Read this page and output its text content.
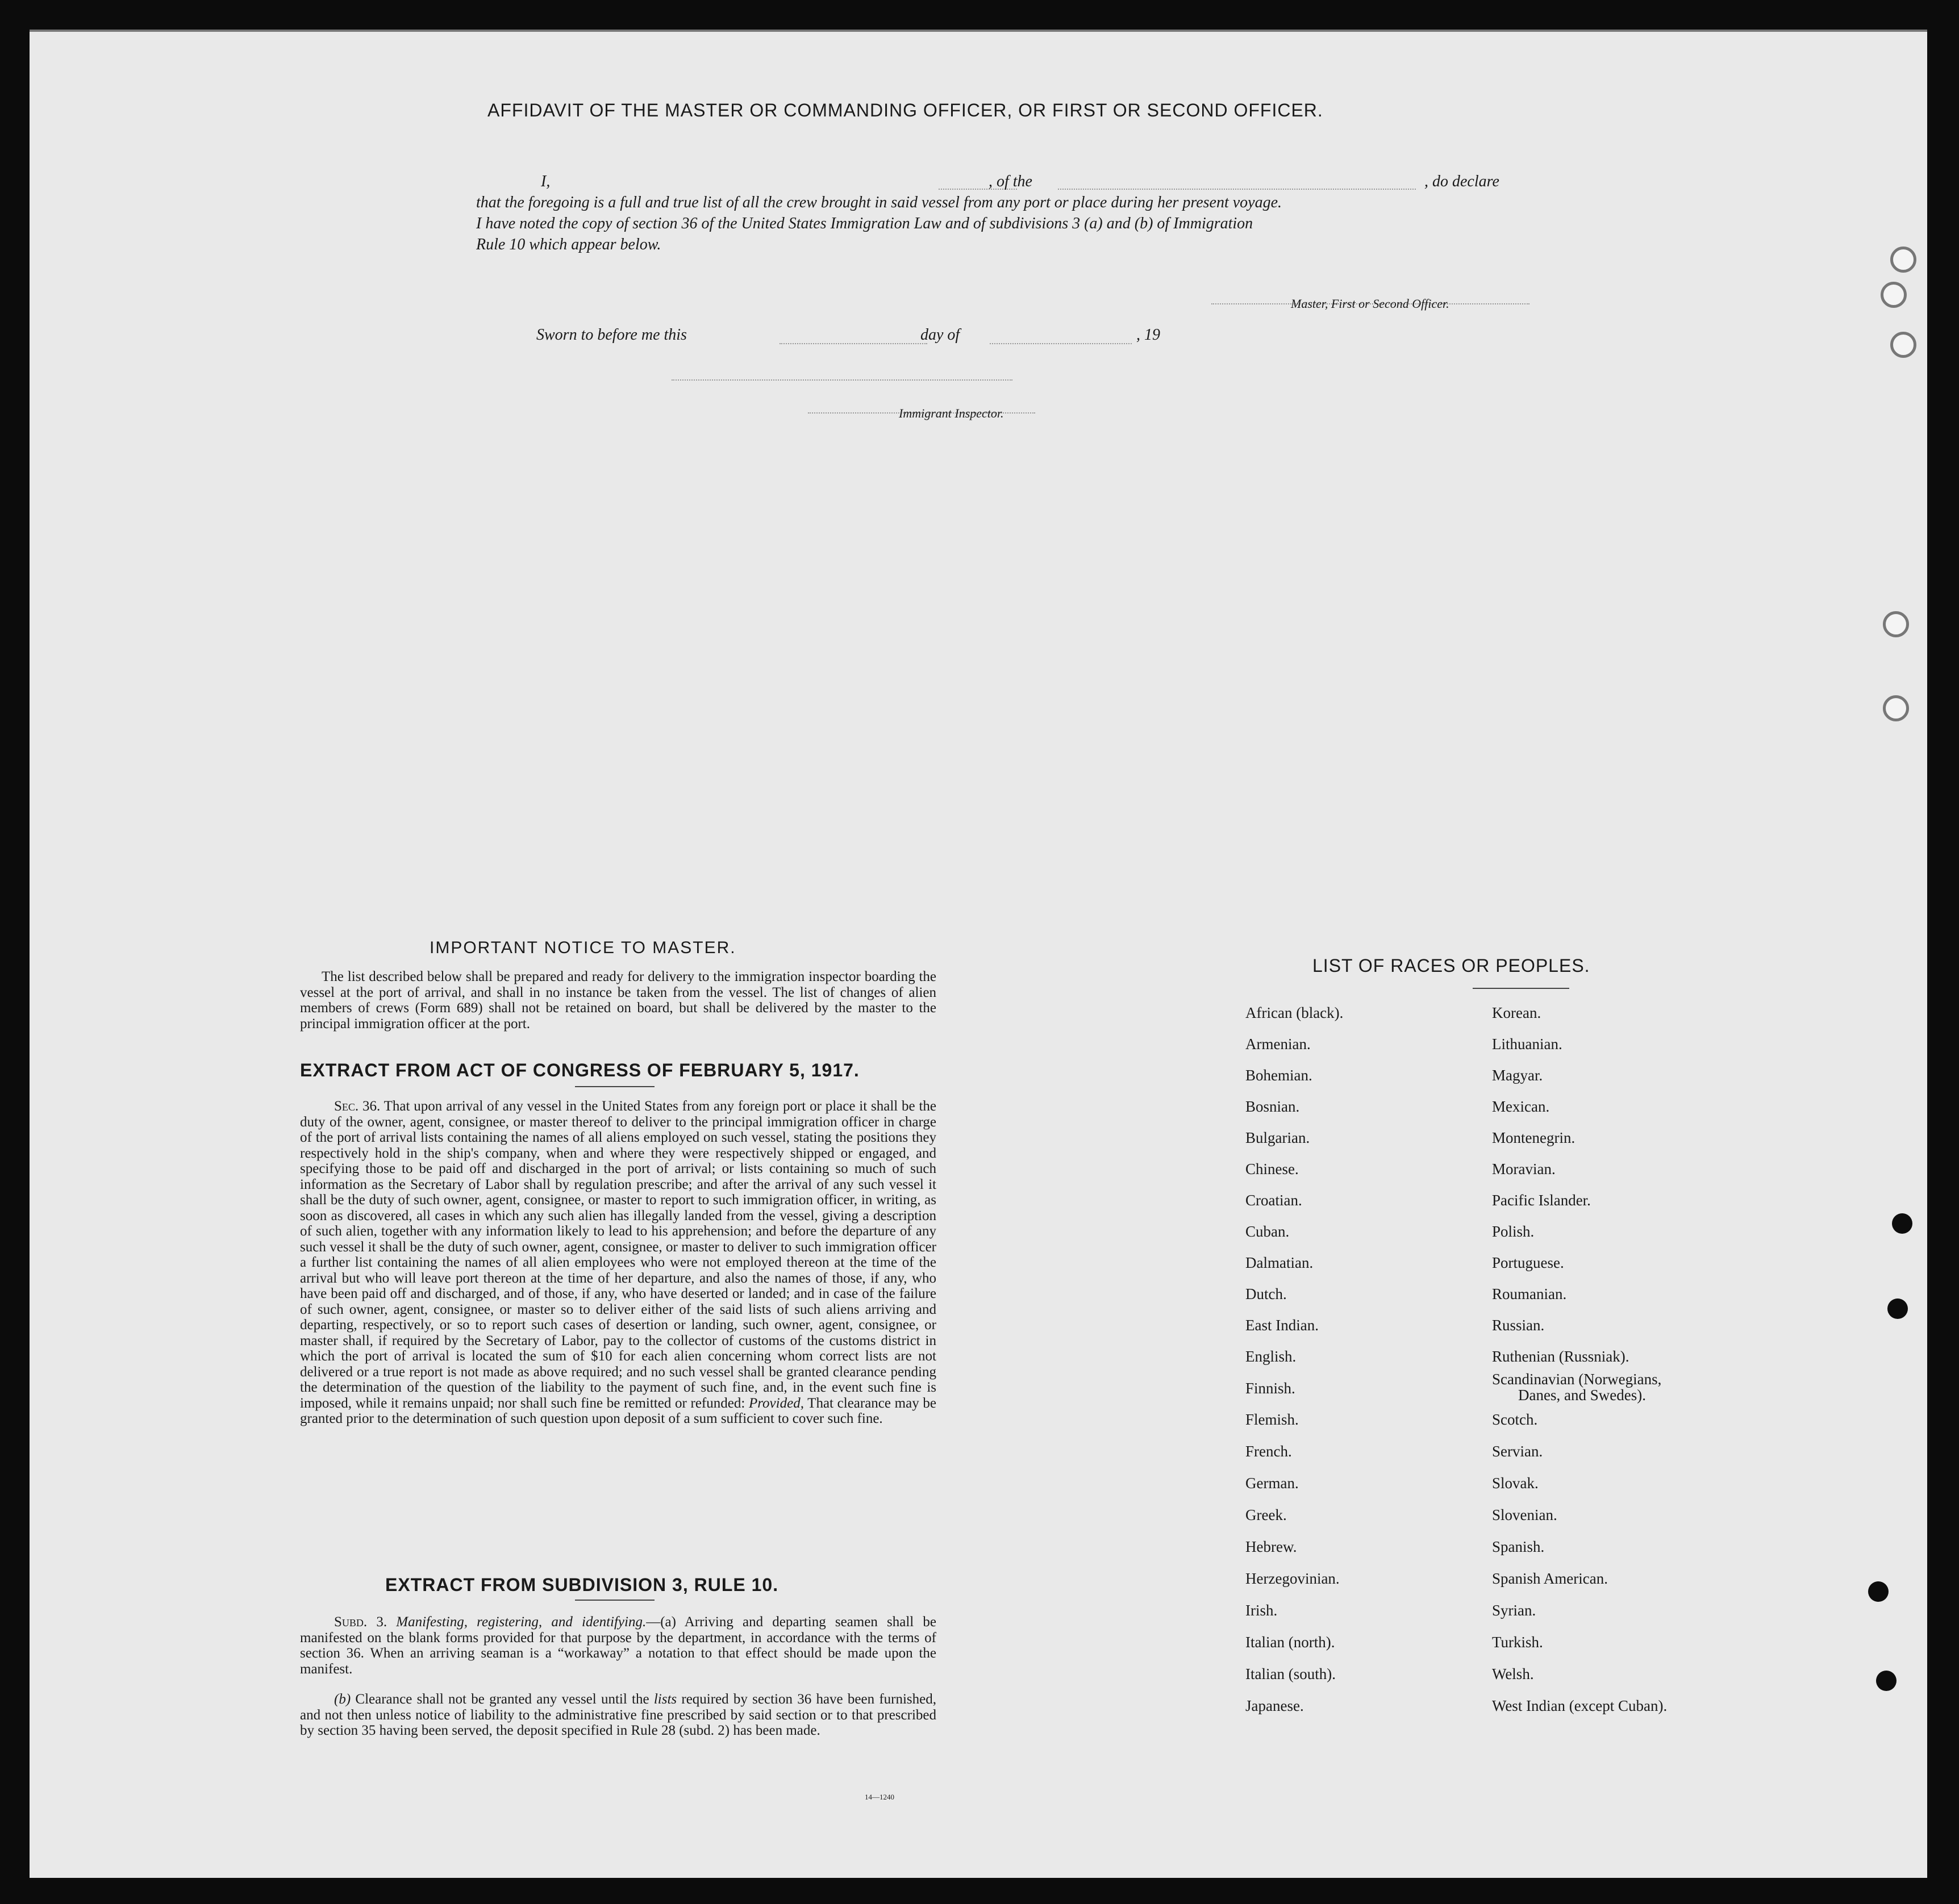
AFFIDAVIT OF THE MASTER OR COMMANDING OFFICER, OR FIRST OR SECOND OFFICER.
I,	, of the	, do declare
that the foregoing is a full and true list of all the crew brought in said vessel from any port or place during her present voyage.
I have noted the copy of section 36 of the United States Immigration Law and of subdivisions 3 (a) and (b) of Immigration
Rule 10 which appear below.
Master, First or Second Officer.
Sworn to before me this	day of	, 19
Immigrant Inspector.
IMPORTANT NOTICE TO MASTER.
The list described below shall be prepared and ready for delivery to the immigration inspector boarding the vessel at the port of arrival, and shall in no instance be taken from the vessel. The list of changes of alien members of crews (Form 689) shall not be retained on board, but shall be delivered by the master to the principal immigration officer at the port.
EXTRACT FROM ACT OF CONGRESS OF FEBRUARY 5, 1917.
Sec. 36. That upon arrival of any vessel in the United States from any foreign port or place it shall be the duty of the owner, agent, consignee, or master thereof to deliver to the principal immigration officer in charge of the port of arrival lists containing the names of all aliens employed on such vessel, stating the positions they respectively hold in the ship's company, when and where they were respectively shipped or engaged, and specifying those to be paid off and discharged in the port of arrival; or lists containing so much of such information as the Secretary of Labor shall by regulation prescribe; and after the arrival of any such vessel it shall be the duty of such owner, agent, consignee, or master to report to such immigration officer, in writing, as soon as discovered, all cases in which any such alien has illegally landed from the vessel, giving a description of such alien, together with any information likely to lead to his apprehension; and before the departure of any such vessel it shall be the duty of such owner, agent, consignee, or master to deliver to such immigration officer a further list containing the names of all alien employees who were not employed thereon at the time of the arrival but who will leave port thereon at the time of her departure, and also the names of those, if any, who have been paid off and discharged, and of those, if any, who have deserted or landed; and in case of the failure of such owner, agent, consignee, or master so to deliver either of the said lists of such aliens arriving and departing, respectively, or so to report such cases of desertion or landing, such owner, agent, consignee, or master shall, if required by the Secretary of Labor, pay to the collector of customs of the customs district in which the port of arrival is located the sum of $10 for each alien concerning whom correct lists are not delivered or a true report is not made as above required; and no such vessel shall be granted clearance pending the determination of the question of the liability to the payment of such fine, and, in the event such fine is imposed, while it remains unpaid; nor shall such fine be remitted or refunded: Provided, That clearance may be granted prior to the determination of such question upon deposit of a sum sufficient to cover such fine.
EXTRACT FROM SUBDIVISION 3, RULE 10.
Subd. 3. Manifesting, registering, and identifying.—(a) Arriving and departing seamen shall be manifested on the blank forms provided for that purpose by the department, in accordance with the terms of section 36. When an arriving seaman is a “workaway” a notation to that effect should be made upon the manifest.
(b) Clearance shall not be granted any vessel until the lists required by section 36 have been furnished, and not then unless notice of liability to the administrative fine prescribed by said section or to that prescribed by section 35 having been served, the deposit specified in Rule 28 (subd. 2) has been made.
14—1240
LIST OF RACES OR PEOPLES.
African (black).
Armenian.
Bohemian.
Bosnian.
Bulgarian.
Chinese.
Croatian.
Cuban.
Dalmatian.
Dutch.
East Indian.
English.
Finnish.
Flemish.
French.
German.
Greek.
Hebrew.
Herzegovinian.
Irish.
Italian (north).
Italian (south).
Japanese.
Korean.
Lithuanian.
Magyar.
Mexican.
Montenegrin.
Moravian.
Pacific Islander.
Polish.
Portuguese.
Roumanian.
Russian.
Ruthenian (Russniak).
Scandinavian (Norwegians,
Danes, and Swedes).
Scotch.
Servian.
Slovak.
Slovenian.
Spanish.
Spanish American.
Syrian.
Turkish.
Welsh.
West Indian (except Cuban).
